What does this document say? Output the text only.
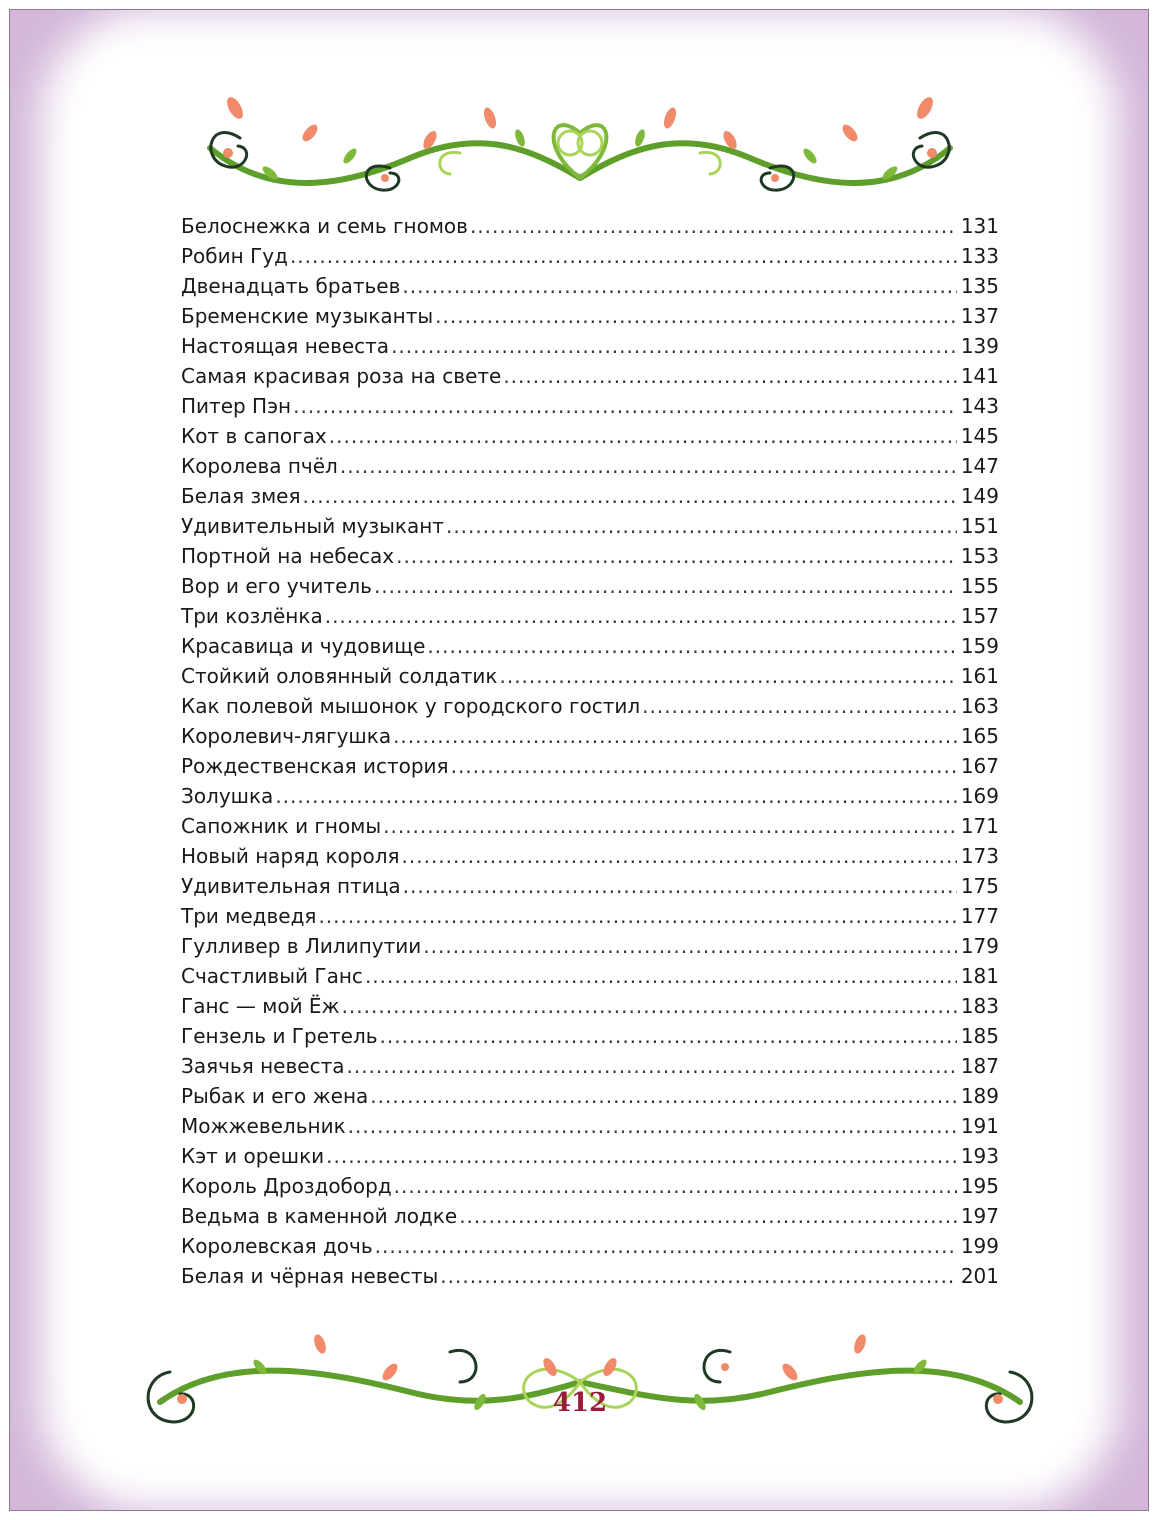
Белоснежка и семь гномов .....	131
Робин Гуд .....	133
Двенадцать братьев .....	135
Бременские музыканты .....	137
Настоящая невеста .....	139
Самая красивая роза на свете .....	141
Питер Пэн .....	143
Кот в сапогах .....	145
Королева пчёл .....	147
Белая змея .....	149
Удивительный музыкант .....	151
Портной на небесах .....	153
Вор и его учитель .....	155
Три козлёнка .....	157
Красавица и чудовище .....	159
Стойкий оловянный солдатик .....	161
Как полевой мышонок у городского гостил .....	163
Королевич-лягушка .....	165
Рождественская история .....	167
Золушка .....	169
Сапожник и гномы .....	171
Новый наряд короля .....	173
Удивительная птица .....	175
Три медведя .....	177
Гулливер в Лилипутии .....	179
Счастливый Ганс .....	181
Ганс — мой Ёж .....	183
Гензель и Гретель .....	185
Заячья невеста .....	187
Рыбак и его жена .....	189
Можжевельник .....	191
Кэт и орешки .....	193
Король Дроздоборд .....	195
Ведьма в каменной лодке .....	197
Королевская дочь .....	199
Белая и чёрная невесты .....	201
412
